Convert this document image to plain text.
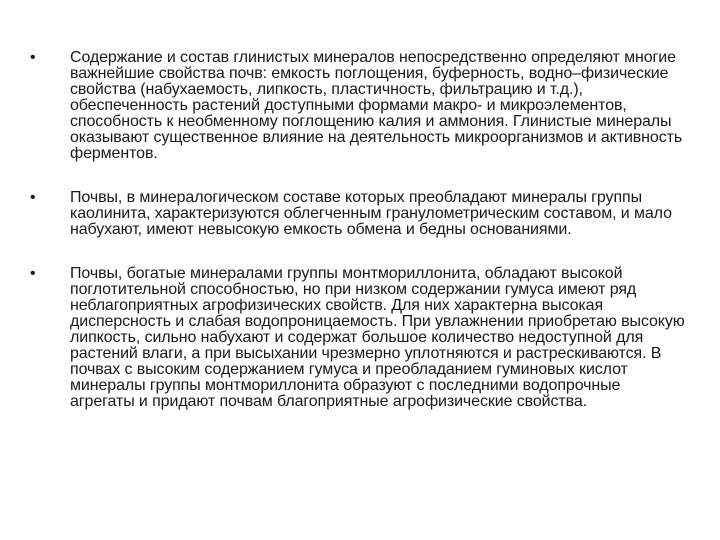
• Содержание и состав глинистых минералов непосредственно определяют многие важнейшие свойства почв: емкость поглощения, буферность, водно–физические свойства (набухаемость, липкость, пластичность, фильтрацию и т.д.), обеспеченность растений доступными формами макро- и микроэлементов, способность к необменному поглощению калия и аммония. Глинистые минералы оказывают существенное влияние на деятельность микроорганизмов и активность ферментов.
• Почвы, в минералогическом составе которых преобладают минералы группы каолинита, характеризуются облегченным гранулометрическим составом, и мало набухают, имеют невысокую емкость обмена и бедны основаниями.
• Почвы, богатые минералами группы монтмориллонита, обладают высокой поглотительной способностью, но при низком содержании гумуса имеют ряд неблагоприятных агрофизических свойств. Для них характерна высокая дисперсность и слабая водопроницаемость. При увлажнении приобретаю высокую липкость, сильно набухают и содержат большое количество недоступной для растений влаги, а при высыхании чрезмерно уплотняются и растрескиваются. В почвах с высоким содержанием гумуса и преобладанием гуминовых кислот минералы группы монтмориллонита образуют с последними водопрочные агрегаты и придают почвам благоприятные агрофизические свойства.
